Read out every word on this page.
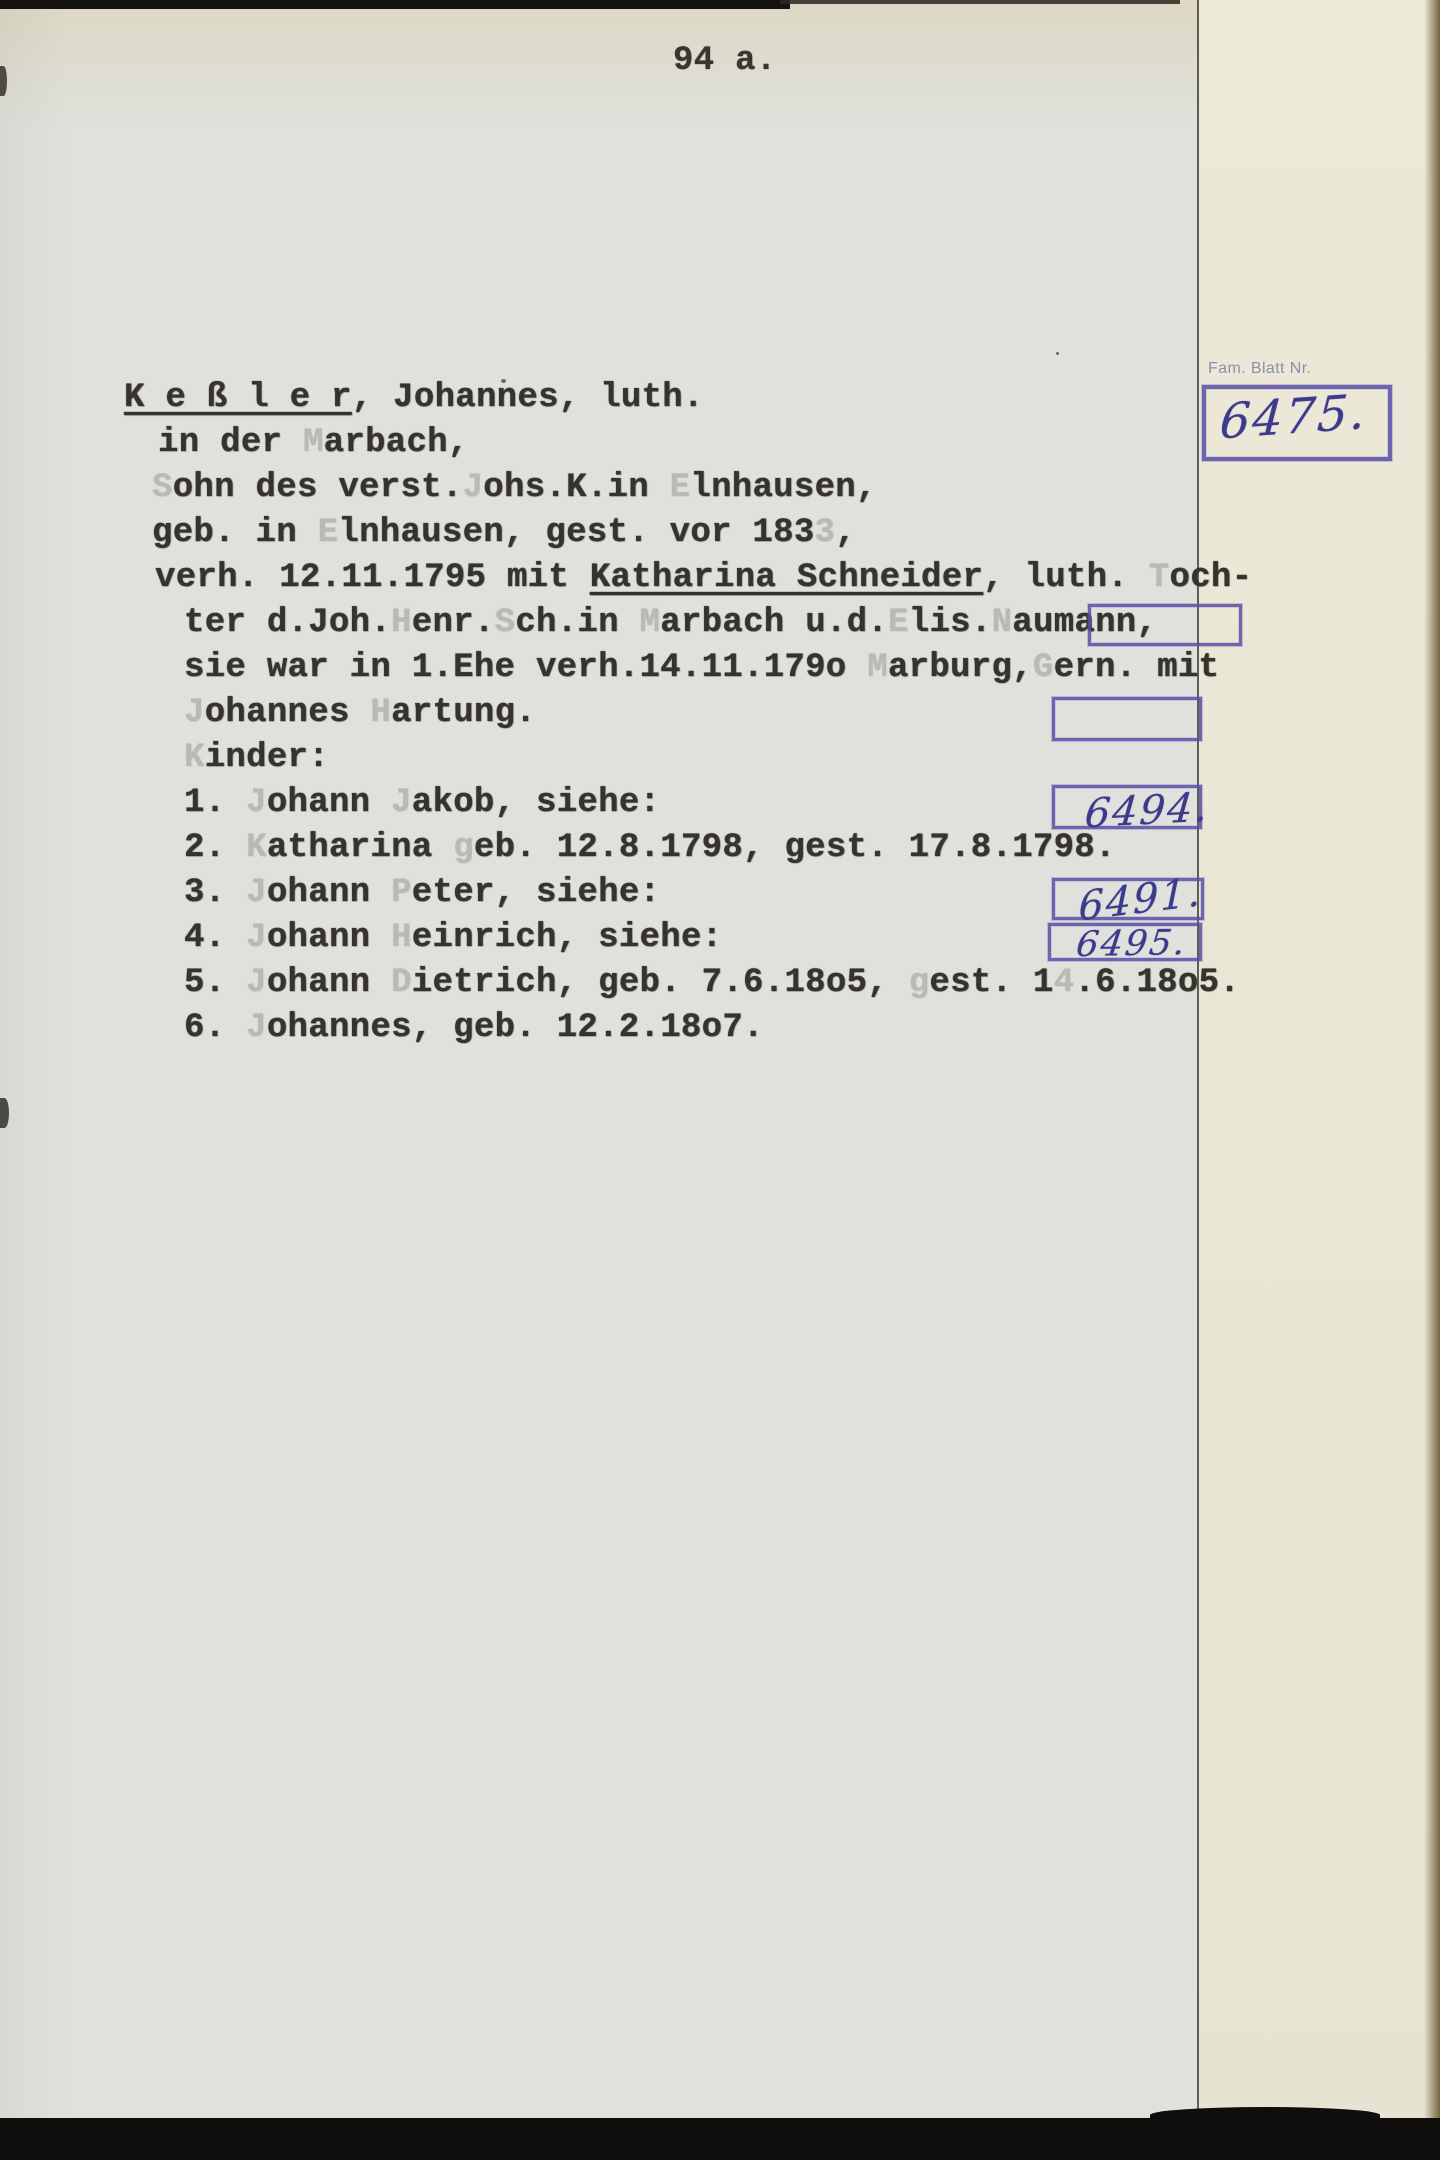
94 a.
Fam. Blatt Nr.
K e ß l e r, Johannes, luth.
in der Marbach,
Sohn des verst.Johs.K.in Elnhausen,
geb. in Elnhausen, gest. vor 1833,
verh. 12.11.1795 mit Katharina Schneider, luth. Toch-
ter d.Joh.Henr.Sch.in Marbach u.d.Elis.Naumann,
sie war in 1.Ehe verh.14.11.179o Marburg,Gern. mit
Johannes Hartung.
Kinder:
1. Johann Jakob, siehe:
2. Katharina geb. 12.8.1798, gest. 17.8.1798.
3. Johann Peter, siehe:
4. Johann Heinrich, siehe:
5. Johann Dietrich, geb. 7.6.18o5, gest. 14.6.18o5.
6. Johannes, geb. 12.2.18o7.
6475.
6494.
6491.
6495.
